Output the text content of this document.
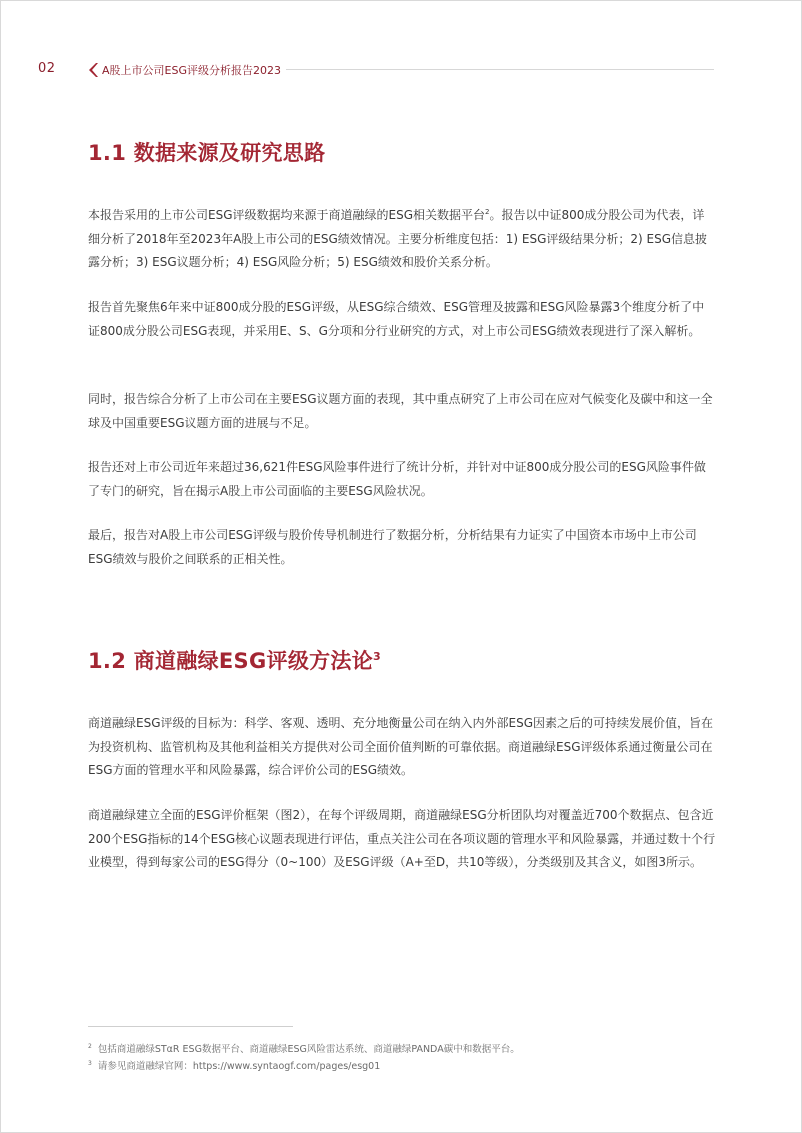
02	A股上市公司ESG评级分析报告2023
1.1 数据来源及研究思路

本报告采用的上市公司ESG评级数据均来源于商道融绿的ESG相关数据平台$^2$。报告以中证800成分股公司为代表，详细分析了2018年至2023年A股上市公司的ESG绩效情况。主要分析维度包括：1) ESG评级结果分析；2) ESG信息披露分析；3) ESG议题分析；4) ESG风险分析；5) ESG绩效和股价关系分析。

报告首先聚焦6年来中证800成分股的ESG评级，从ESG综合绩效、ESG管理及披露和ESG风险暴露3个维度分析了中证800成分股公司ESG表现，并采用E、S、G分项和分行业研究的方式，对上市公司ESG绩效表现进行了深入解析。

同时，报告综合分析了上市公司在主要ESG议题方面的表现，其中重点研究了上市公司在应对气候变化及碳中和这一全球及中国重要ESG议题方面的进展与不足。

报告还对上市公司近年来超过36,621件ESG风险事件进行了统计分析，并针对中证800成分股公司的ESG风险事件做了专门的研究，旨在揭示A股上市公司面临的主要ESG风险状况。

最后，报告对A股上市公司ESG评级与股价传导机制进行了数据分析，分析结果有力证实了中国资本市场中上市公司ESG绩效与股价之间联系的正相关性。

1.2 商道融绿ESG评级方法论$^3$

商道融绿ESG评级的目标为：科学、客观、透明、充分地衡量公司在纳入内外部ESG因素之后的可持续发展价值，旨在为投资机构、监管机构及其他利益相关方提供对公司全面价值判断的可靠依据。商道融绿ESG评级体系通过衡量公司在ESG方面的管理水平和风险暴露，综合评价公司的ESG绩效。

商道融绿建立全面的ESG评价框架（图2），在每个评级周期，商道融绿ESG分析团队均对覆盖近700个数据点、包含近200个ESG指标的14个ESG核心议题表现进行评估，重点关注公司在各项议题的管理水平和风险暴露，并通过数十个行业模型，得到每家公司的ESG得分（0~100）及ESG评级（A+至D，共10等级），分类级别及其含义，如图3所示。

$^2$ 包括商道融绿STαR ESG数据平台、商道融绿ESG风险雷达系统、商道融绿PANDA碳中和数据平台。
$^3$ 请参见商道融绿官网：https://www.syntaogf.com/pages/esg01
